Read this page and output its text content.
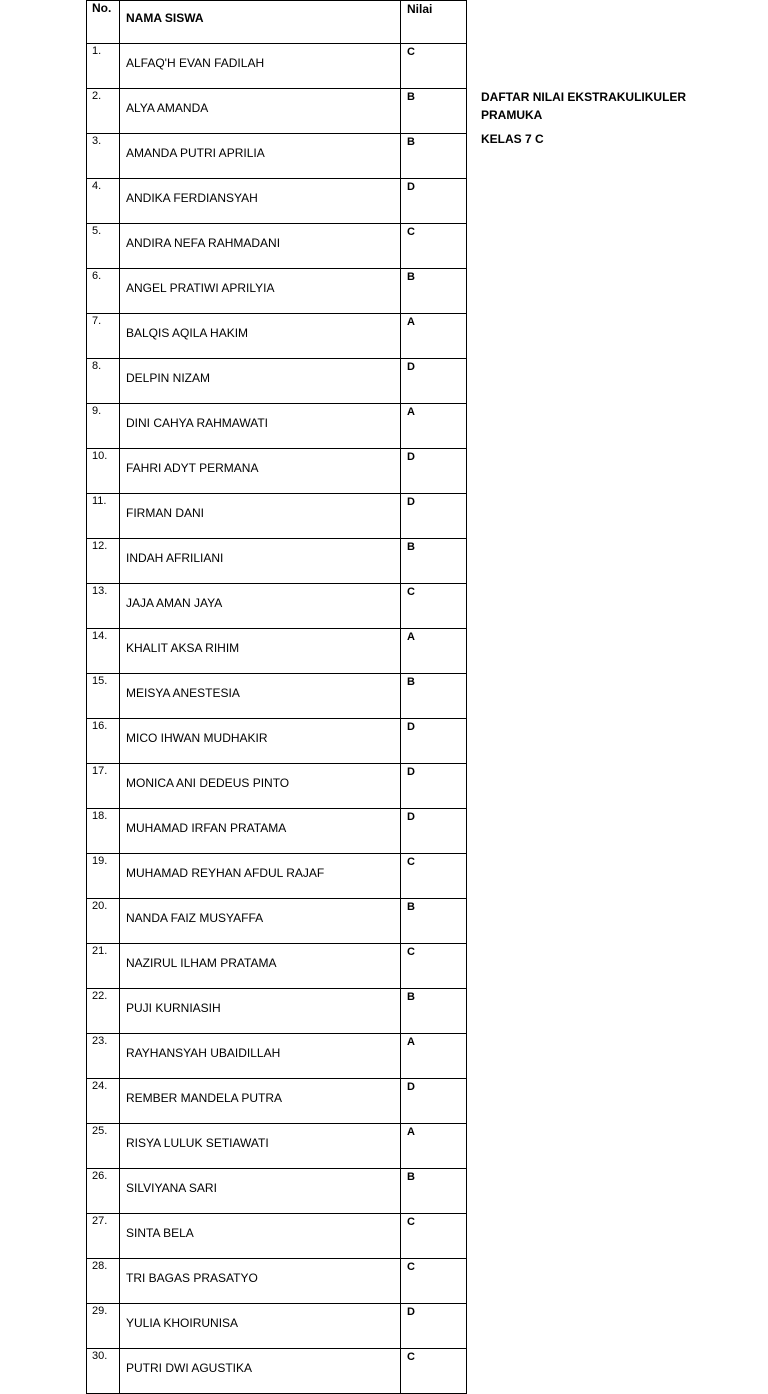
No.	NAMA SISWA	Nilai
1.	ALFAQ'H EVAN FADILAH	C
2.	ALYA AMANDA	B
3.	AMANDA PUTRI APRILIA	B
4.	ANDIKA FERDIANSYAH	D
5.	ANDIRA NEFA RAHMADANI	C
6.	ANGEL PRATIWI APRILYIA	B
7.	BALQIS AQILA HAKIM	A
8.	DELPIN NIZAM	D
9.	DINI CAHYA RAHMAWATI	A
10.	FAHRI ADYT PERMANA	D
11.	FIRMAN DANI	D
12.	INDAH AFRILIANI	B
13.	JAJA AMAN JAYA	C
14.	KHALIT AKSA RIHIM	A
15.	MEISYA ANESTESIA	B
16.	MICO IHWAN MUDHAKIR	D
17.	MONICA ANI DEDEUS PINTO	D
18.	MUHAMAD IRFAN PRATAMA	D
19.	MUHAMAD REYHAN AFDUL RAJAF	C
20.	NANDA FAIZ MUSYAFFA	B
21.	NAZIRUL ILHAM PRATAMA	C
22.	PUJI KURNIASIH	B
23.	RAYHANSYAH UBAIDILLAH	A
24.	REMBER MANDELA PUTRA	D
25.	RISYA LULUK SETIAWATI	A
26.	SILVIYANA SARI	B
27.	SINTA BELA	C
28.	TRI BAGAS PRASATYO	C
29.	YULIA KHOIRUNISA	D
30.	PUTRI DWI AGUSTIKA	C
DAFTAR NILAI EKSTRAKULIKULER PRAMUKA
KELAS 7 C
